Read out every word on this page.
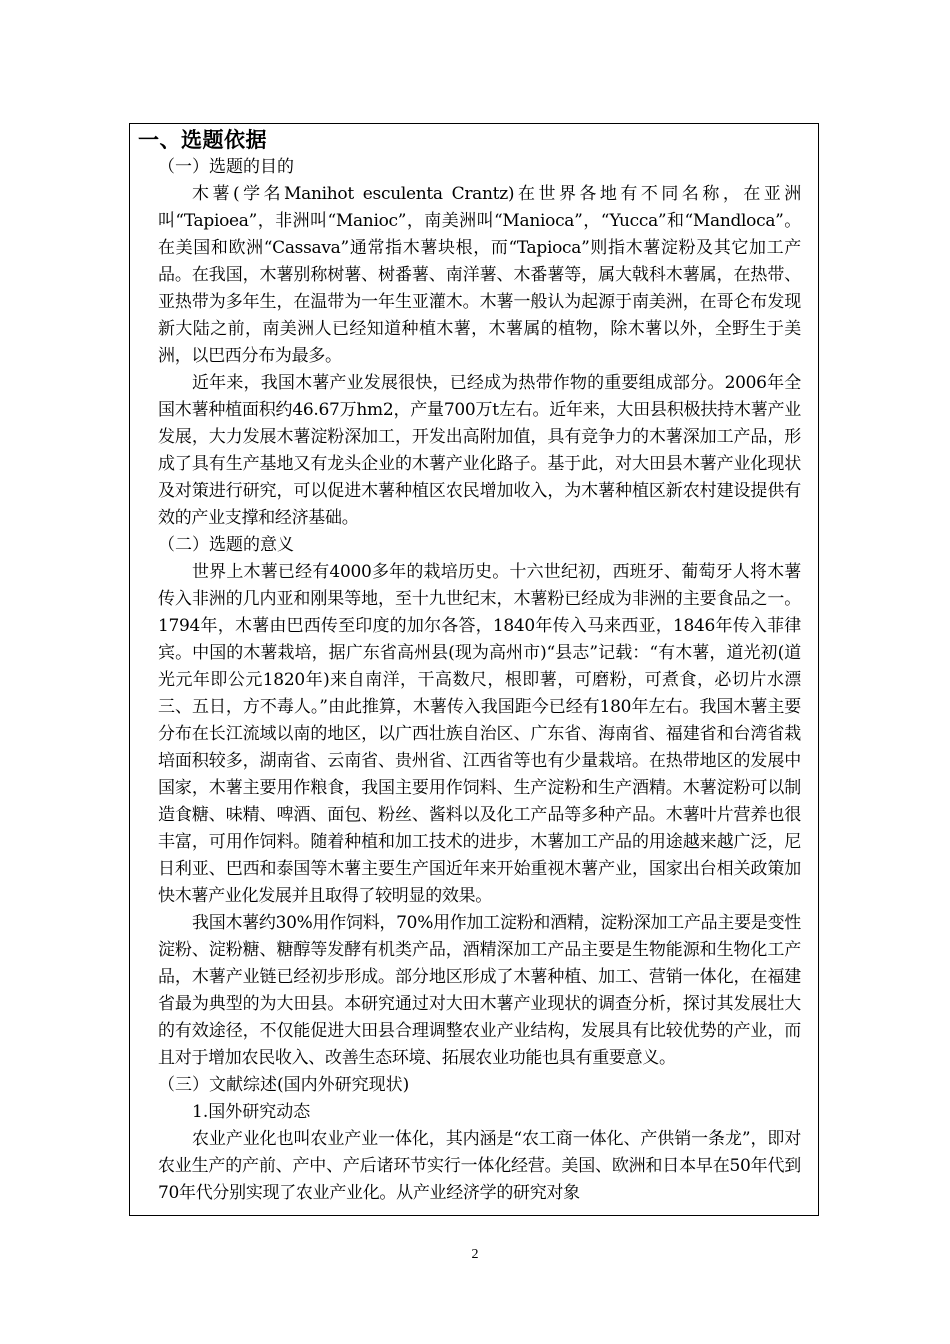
一、选题依据

（一）选题的目的

木薯(学名Manihot esculenta Crantz)在世界各地有不同名称，在亚洲叫“Tapioea”，非洲叫“Manioc”，南美洲叫“Manioca”，“Yucca”和“Mandloca”。在美国和欧洲“Cassava”通常指木薯块根，而“Tapioca”则指木薯淀粉及其它加工产品。在我国，木薯别称树薯、树番薯、南洋薯、木番薯等，属大戟科木薯属，在热带、亚热带为多年生，在温带为一年生亚灌木。木薯一般认为起源于南美洲，在哥仑布发现新大陆之前，南美洲人已经知道种植木薯，木薯属的植物，除木薯以外，全野生于美洲，以巴西分布为最多。

近年来，我国木薯产业发展很快，已经成为热带作物的重要组成部分。2006年全国木薯种植面积约46.67万hm2，产量700万t左右。近年来，大田县积极扶持木薯产业发展，大力发展木薯淀粉深加工，开发出高附加值，具有竞争力的木薯深加工产品，形成了具有生产基地又有龙头企业的木薯产业化路子。基于此，对大田县木薯产业化现状及对策进行研究，可以促进木薯种植区农民增加收入，为木薯种植区新农村建设提供有效的产业支撑和经济基础。

（二）选题的意义

世界上木薯已经有4000多年的栽培历史。十六世纪初，西班牙、葡萄牙人将木薯传入非洲的几内亚和刚果等地，至十九世纪末，木薯粉已经成为非洲的主要食品之一。1794年，木薯由巴西传至印度的加尔各答，1840年传入马来西亚，1846年传入菲律宾。中国的木薯栽培，据广东省高州县(现为高州市)“县志”记载：“有木薯，道光初(道光元年即公元1820年)来自南洋，干高数尺，根即薯，可磨粉，可煮食，必切片水漂三、五日，方不毒人。”由此推算，木薯传入我国距今已经有180年左右。我国木薯主要分布在长江流域以南的地区，以广西壮族自治区、广东省、海南省、福建省和台湾省栽培面积较多，湖南省、云南省、贵州省、江西省等也有少量栽培。在热带地区的发展中国家，木薯主要用作粮食，我国主要用作饲料、生产淀粉和生产酒精。木薯淀粉可以制造食糖、味精、啤酒、面包、粉丝、酱料以及化工产品等多种产品。木薯叶片营养也很丰富，可用作饲料。随着种植和加工技术的进步，木薯加工产品的用途越来越广泛，尼日利亚、巴西和泰国等木薯主要生产国近年来开始重视木薯产业，国家出台相关政策加快木薯产业化发展并且取得了较明显的效果。

我国木薯约30%用作饲料，70%用作加工淀粉和酒精，淀粉深加工产品主要是变性淀粉、淀粉糖、糖醇等发酵有机类产品，酒精深加工产品主要是生物能源和生物化工产品，木薯产业链已经初步形成。部分地区形成了木薯种植、加工、营销一体化，在福建省最为典型的为大田县。本研究通过对大田木薯产业现状的调查分析，探讨其发展壮大的有效途径，不仅能促进大田县合理调整农业产业结构，发展具有比较优势的产业，而且对于增加农民收入、改善生态环境、拓展农业功能也具有重要意义。

（三）文献综述(国内外研究现状)

1.国外研究动态

农业产业化也叫农业产业一体化，其内涵是“农工商一体化、产供销一条龙”，即对农业生产的产前、产中、产后诸环节实行一体化经营。美国、欧洲和日本早在50年代到70年代分别实现了农业产业化。从产业经济学的研究对象

2
